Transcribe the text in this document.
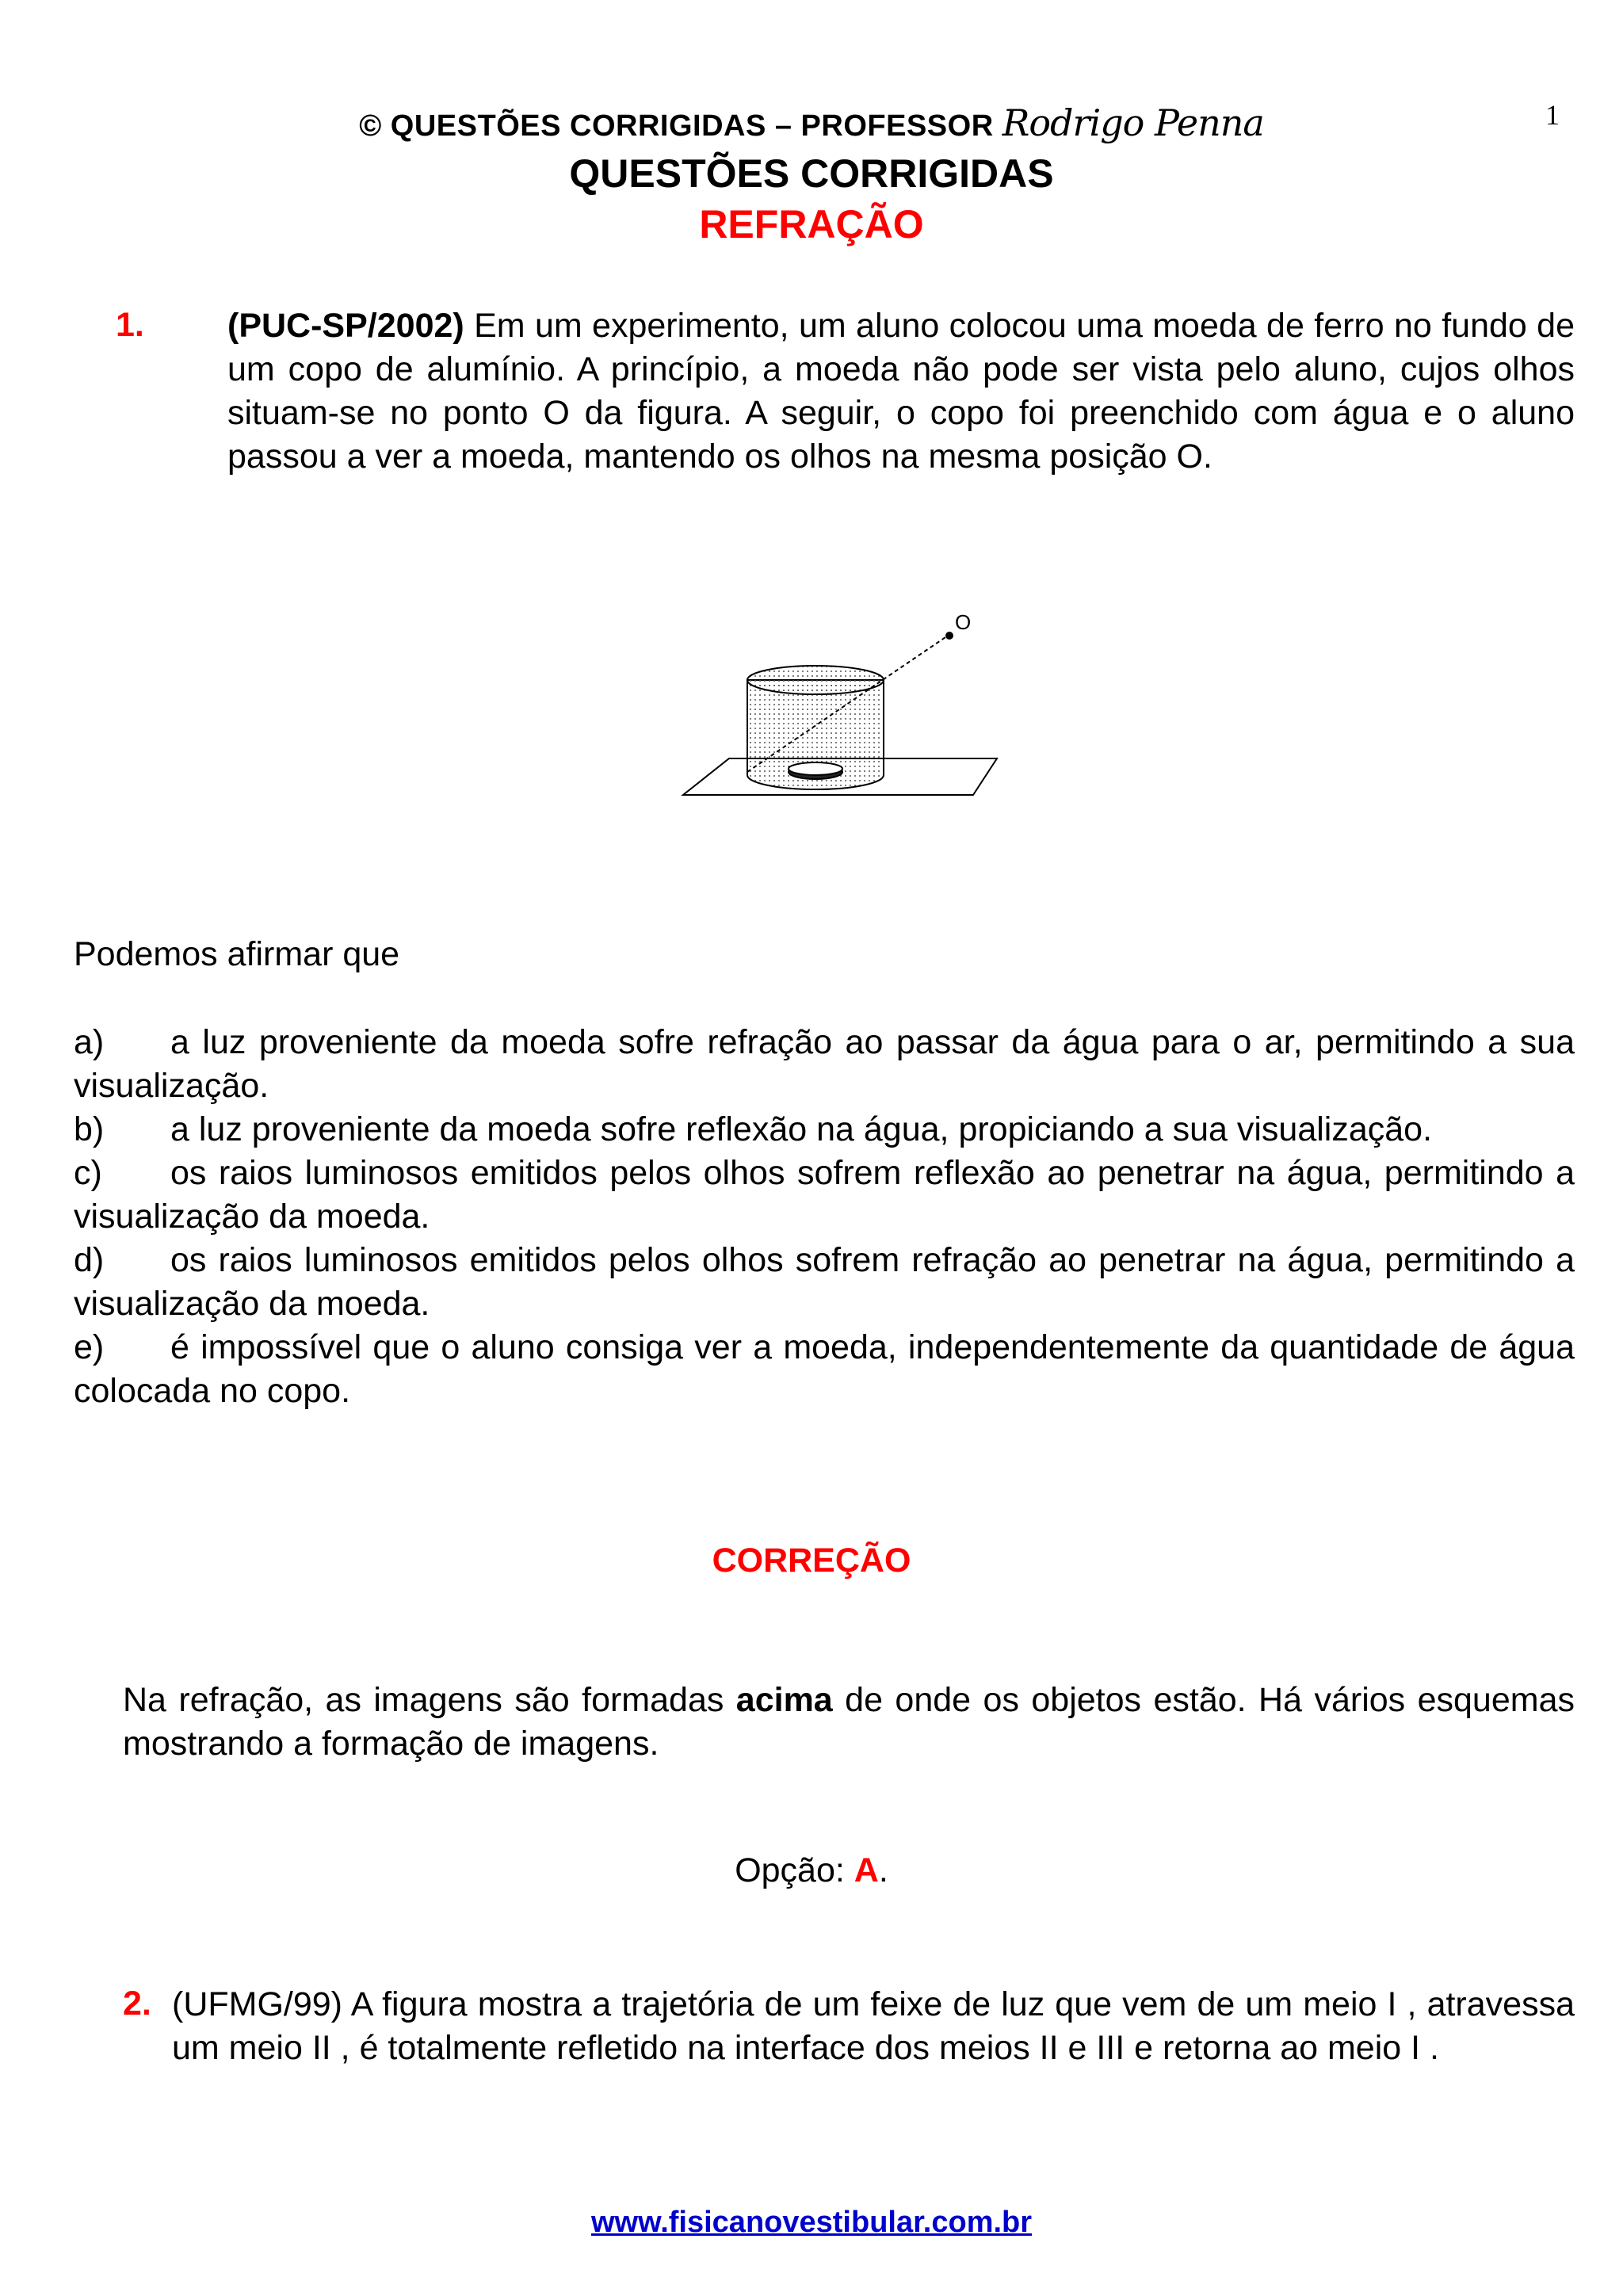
1
© QUESTÕES CORRIGIDAS – PROFESSOR Rodrigo Penna
QUESTÕES CORRIGIDAS
REFRAÇÃO
1. (PUC-SP/2002) Em um experimento, um aluno colocou uma moeda de ferro no fundo de um copo de alumínio. A princípio, a moeda não pode ser vista pelo aluno, cujos olhos situam-se no ponto O da figura. A seguir, o copo foi preenchido com água e o aluno passou a ver a moeda, mantendo os olhos na mesma posição O.
O
Podemos afirmar que
a) a luz proveniente da moeda sofre refração ao passar da água para o ar, permitindo a sua visualização.
b) a luz proveniente da moeda sofre reflexão na água, propiciando a sua visualização.
c) os raios luminosos emitidos pelos olhos sofrem reflexão ao penetrar na água, permitindo a visualização da moeda.
d) os raios luminosos emitidos pelos olhos sofrem refração ao penetrar na água, permitindo a visualização da moeda.
e) é impossível que o aluno consiga ver a moeda, independentemente da quantidade de água colocada no copo.
CORREÇÃO
Na refração, as imagens são formadas acima de onde os objetos estão. Há vários esquemas mostrando a formação de imagens.
Opção: A.
2. (UFMG/99) A figura mostra a trajetória de um feixe de luz que vem de um meio I , atravessa um meio II , é totalmente refletido na interface dos meios II e III e retorna ao meio I .
www.fisicanovestibular.com.br
